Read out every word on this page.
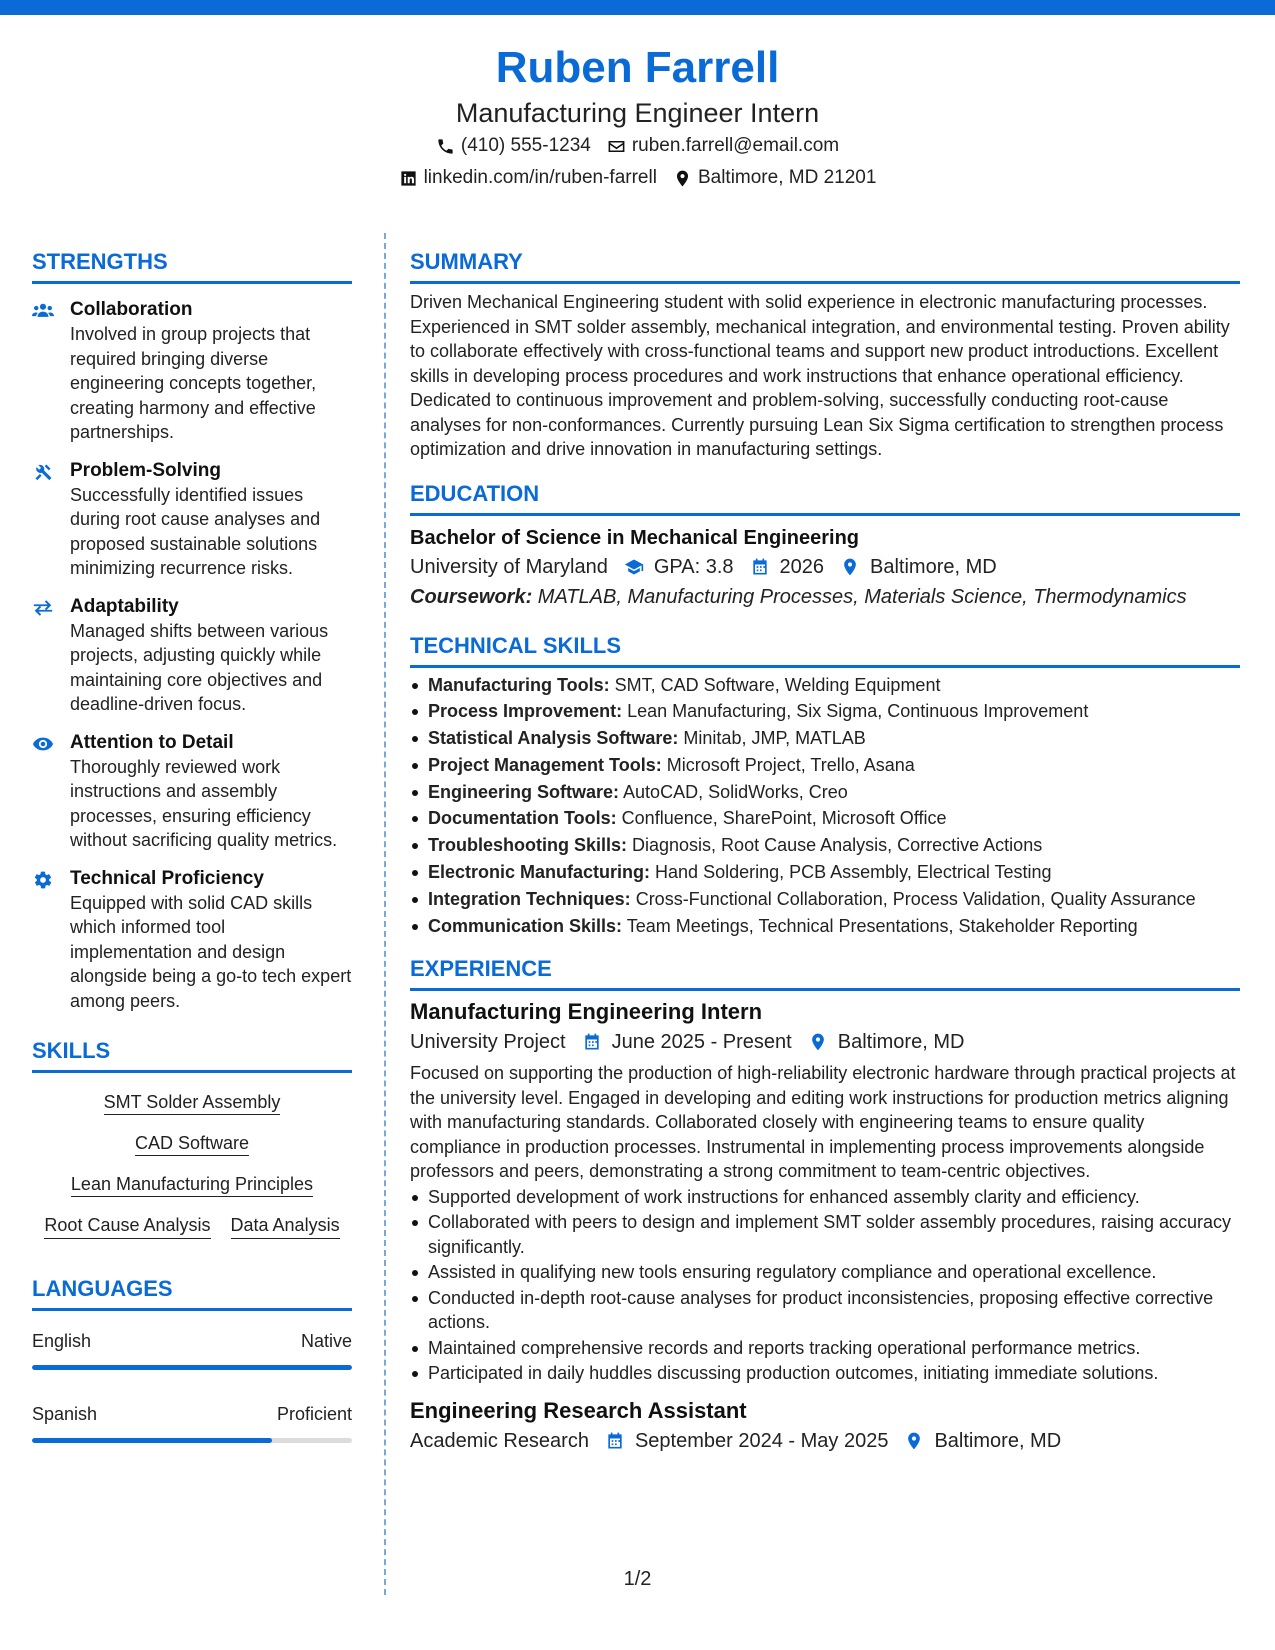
Ruben Farrell
Manufacturing Engineer Intern
(410) 555-1234 ruben.farrell@email.com
linkedin.com/in/ruben-farrell Baltimore, MD 21201
STRENGTHS
Collaboration
Involved in group projects that required bringing diverse engineering concepts together, creating harmony and effective partnerships.
Problem-Solving
Successfully identified issues during root cause analyses and proposed sustainable solutions minimizing recurrence risks.
Adaptability
Managed shifts between various projects, adjusting quickly while maintaining core objectives and deadline-driven focus.
Attention to Detail
Thoroughly reviewed work instructions and assembly processes, ensuring efficiency without sacrificing quality metrics.
Technical Proficiency
Equipped with solid CAD skills which informed tool implementation and design alongside being a go-to tech expert among peers.
SKILLS
SMT Solder Assembly
CAD Software
Lean Manufacturing Principles
Root Cause Analysis Data Analysis
LANGUAGES
English	Native
Spanish	Proficient
SUMMARY
Driven Mechanical Engineering student with solid experience in electronic manufacturing processes. Experienced in SMT solder assembly, mechanical integration, and environmental testing. Proven ability to collaborate effectively with cross-functional teams and support new product introductions. Excellent skills in developing process procedures and work instructions that enhance operational efficiency. Dedicated to continuous improvement and problem-solving, successfully conducting root-cause analyses for non-conformances. Currently pursuing Lean Six Sigma certification to strengthen process optimization and drive innovation in manufacturing settings.
EDUCATION
Bachelor of Science in Mechanical Engineering
University of Maryland GPA: 3.8 2026 Baltimore, MD
Coursework: MATLAB, Manufacturing Processes, Materials Science, Thermodynamics
TECHNICAL SKILLS
Manufacturing Tools: SMT, CAD Software, Welding Equipment
Process Improvement: Lean Manufacturing, Six Sigma, Continuous Improvement
Statistical Analysis Software: Minitab, JMP, MATLAB
Project Management Tools: Microsoft Project, Trello, Asana
Engineering Software: AutoCAD, SolidWorks, Creo
Documentation Tools: Confluence, SharePoint, Microsoft Office
Troubleshooting Skills: Diagnosis, Root Cause Analysis, Corrective Actions
Electronic Manufacturing: Hand Soldering, PCB Assembly, Electrical Testing
Integration Techniques: Cross-Functional Collaboration, Process Validation, Quality Assurance
Communication Skills: Team Meetings, Technical Presentations, Stakeholder Reporting
EXPERIENCE
Manufacturing Engineering Intern
University Project June 2025 - Present Baltimore, MD
Focused on supporting the production of high-reliability electronic hardware through practical projects at the university level. Engaged in developing and editing work instructions for production metrics aligning with manufacturing standards. Collaborated closely with engineering teams to ensure quality compliance in production processes. Instrumental in implementing process improvements alongside professors and peers, demonstrating a strong commitment to team-centric objectives.
Supported development of work instructions for enhanced assembly clarity and efficiency.
Collaborated with peers to design and implement SMT solder assembly procedures, raising accuracy significantly.
Assisted in qualifying new tools ensuring regulatory compliance and operational excellence.
Conducted in-depth root-cause analyses for product inconsistencies, proposing effective corrective actions.
Maintained comprehensive records and reports tracking operational performance metrics.
Participated in daily huddles discussing production outcomes, initiating immediate solutions.
Engineering Research Assistant
Academic Research September 2024 - May 2025 Baltimore, MD
1/2
